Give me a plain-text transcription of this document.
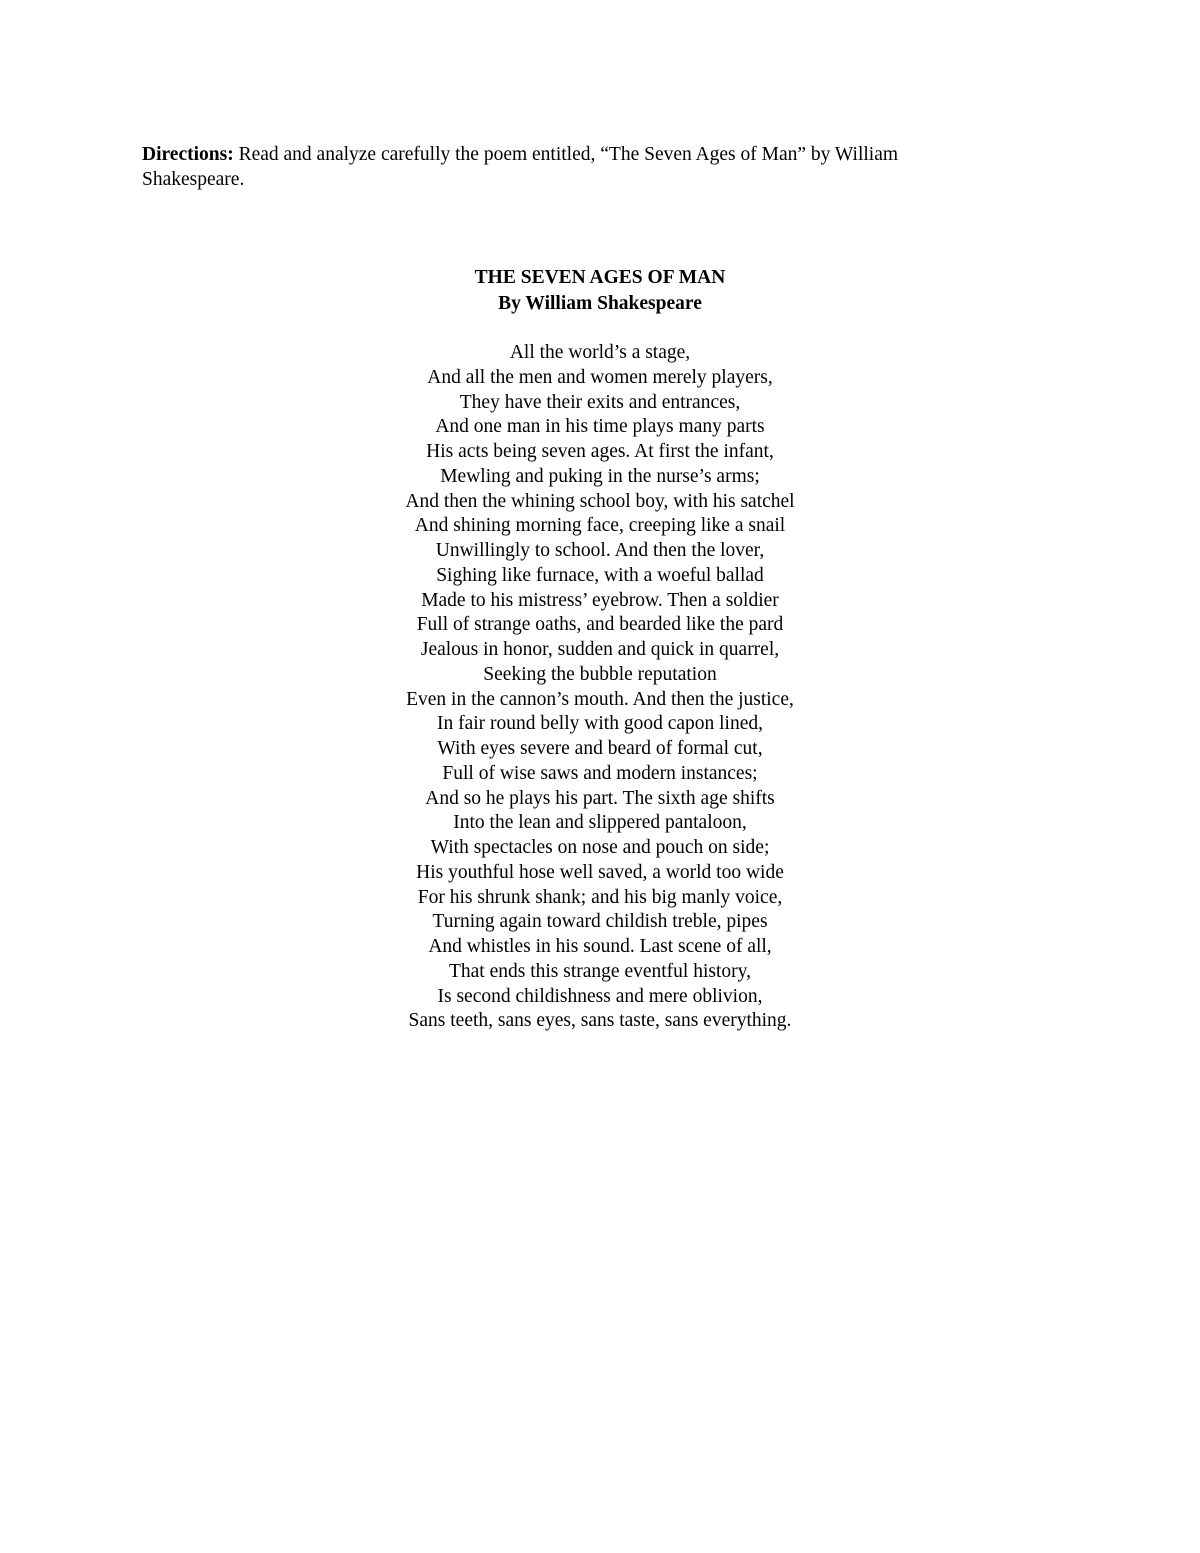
Directions: Read and analyze carefully the poem entitled, “The Seven Ages of Man” by William Shakespeare.
THE SEVEN AGES OF MAN
By William Shakespeare
All the world’s a stage,
And all the men and women merely players,
They have their exits and entrances,
And one man in his time plays many parts
His acts being seven ages. At first the infant,
Mewling and puking in the nurse’s arms;
And then the whining school boy, with his satchel
And shining morning face, creeping like a snail
Unwillingly to school. And then the lover,
Sighing like furnace, with a woeful ballad
Made to his mistress’ eyebrow. Then a soldier
Full of strange oaths, and bearded like the pard
Jealous in honor, sudden and quick in quarrel,
Seeking the bubble reputation
Even in the cannon’s mouth. And then the justice,
In fair round belly with good capon lined,
With eyes severe and beard of formal cut,
Full of wise saws and modern instances;
And so he plays his part. The sixth age shifts
Into the lean and slippered pantaloon,
With spectacles on nose and pouch on side;
His youthful hose well saved, a world too wide
For his shrunk shank; and his big manly voice,
Turning again toward childish treble, pipes
And whistles in his sound. Last scene of all,
That ends this strange eventful history,
Is second childishness and mere oblivion,
Sans teeth, sans eyes, sans taste, sans everything.
